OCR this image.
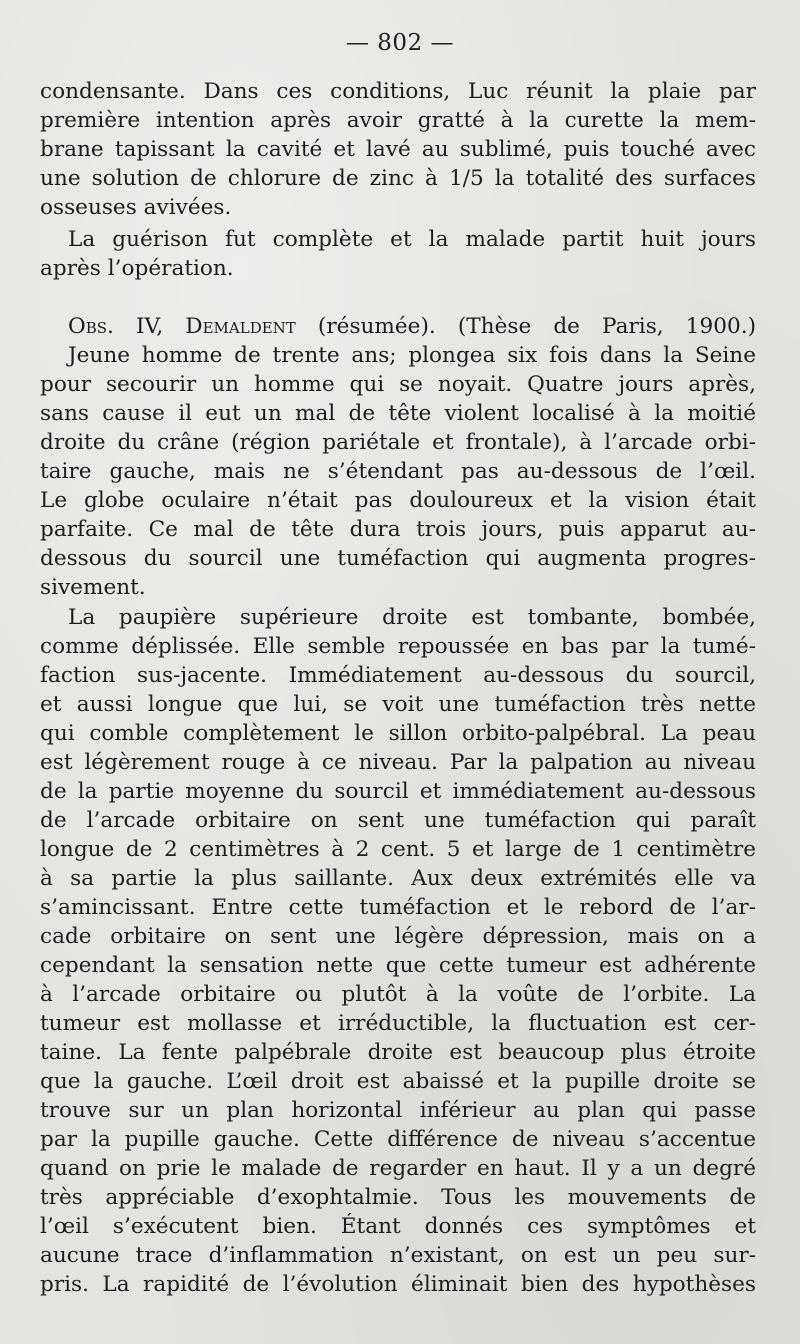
— 802 —
condensante. Dans ces conditions, Luc réunit la plaie par
première intention après avoir gratté à la curette la mem-
brane tapissant la cavité et lavé au sublimé, puis touché avec
une solution de chlorure de zinc à 1/5 la totalité des surfaces
osseuses avivées.
La guérison fut complète et la malade partit huit jours
après l’opération.
Obs. IV, Demaldent (résumée). (Thèse de Paris, 1900.)
Jeune homme de trente ans; plongea six fois dans la Seine
pour secourir un homme qui se noyait. Quatre jours après,
sans cause il eut un mal de tête violent localisé à la moitié
droite du crâne (région pariétale et frontale), à l’arcade orbi-
taire gauche, mais ne s’étendant pas au-dessous de l’œil.
Le globe oculaire n’était pas douloureux et la vision était
parfaite. Ce mal de tête dura trois jours, puis apparut au-
dessous du sourcil une tuméfaction qui augmenta progres-
sivement.
La paupière supérieure droite est tombante, bombée,
comme déplissée. Elle semble repoussée en bas par la tumé-
faction sus-jacente. Immédiatement au-dessous du sourcil,
et aussi longue que lui, se voit une tuméfaction très nette
qui comble complètement le sillon orbito-palpébral. La peau
est légèrement rouge à ce niveau. Par la palpation au niveau
de la partie moyenne du sourcil et immédiatement au-dessous
de l’arcade orbitaire on sent une tuméfaction qui paraît
longue de 2 centimètres à 2 cent. 5 et large de 1 centimètre
à sa partie la plus saillante. Aux deux extrémités elle va
s’amincissant. Entre cette tuméfaction et le rebord de l’ar-
cade orbitaire on sent une légère dépression, mais on a
cependant la sensation nette que cette tumeur est adhérente
à l’arcade orbitaire ou plutôt à la voûte de l’orbite. La
tumeur est mollasse et irréductible, la fluctuation est cer-
taine. La fente palpébrale droite est beaucoup plus étroite
que la gauche. L’œil droit est abaissé et la pupille droite se
trouve sur un plan horizontal inférieur au plan qui passe
par la pupille gauche. Cette différence de niveau s’accentue
quand on prie le malade de regarder en haut. Il y a un degré
très appréciable d’exophtalmie. Tous les mouvements de
l’œil s’exécutent bien. Étant donnés ces symptômes et
aucune trace d’inflammation n’existant, on est un peu sur-
pris. La rapidité de l’évolution éliminait bien des hypothèses
